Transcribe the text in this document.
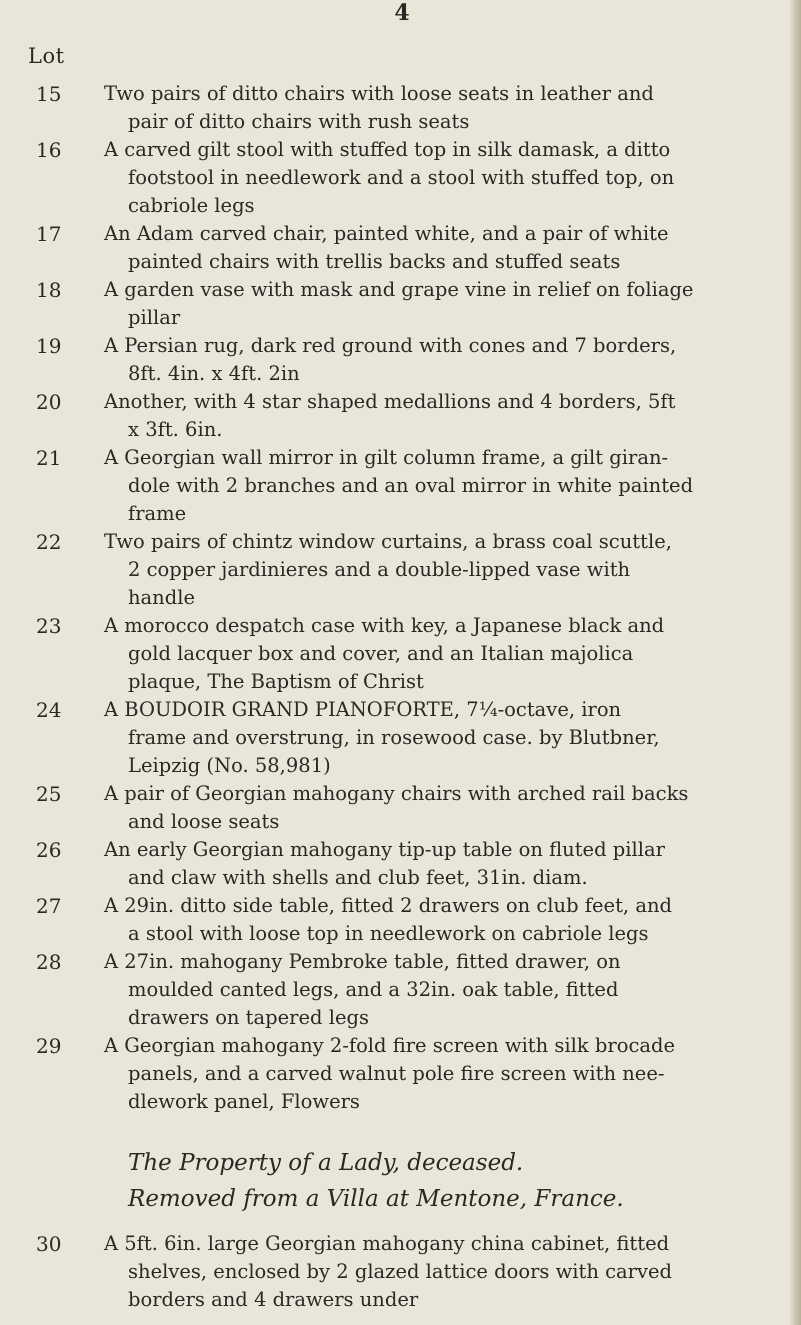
4
Lot
15	Two pairs of ditto chairs with loose seats in leather and
pair of ditto chairs with rush seats
16	A carved gilt stool with stuffed top in silk damask, a ditto
footstool in needlework and a stool with stuffed top, on
cabriole legs
17	An Adam carved chair, painted white, and a pair of white
painted chairs with trellis backs and stuffed seats
18	A garden vase with mask and grape vine in relief on foliage
pillar
19	A Persian rug, dark red ground with cones and 7 borders,
8ft. 4in. x 4ft. 2in
20	Another, with 4 star shaped medallions and 4 borders, 5ft
x 3ft. 6in.
21	A Georgian wall mirror in gilt column frame, a gilt giran-
dole with 2 branches and an oval mirror in white painted
frame
22	Two pairs of chintz window curtains, a brass coal scuttle,
2 copper jardinieres and a double-lipped vase with
handle
23	A morocco despatch case with key, a Japanese black and
gold lacquer box and cover, and an Italian majolica
plaque, The Baptism of Christ
24	A BOUDOIR GRAND PIANOFORTE, 7¼-octave, iron
frame and overstrung, in rosewood case. by Blutbner,
Leipzig (No. 58,981)
25	A pair of Georgian mahogany chairs with arched rail backs
and loose seats
26	An early Georgian mahogany tip-up table on fluted pillar
and claw with shells and club feet, 31in. diam.
27	A 29in. ditto side table, fitted 2 drawers on club feet, and
a stool with loose top in needlework on cabriole legs
28	A 27in. mahogany Pembroke table, fitted drawer, on
moulded canted legs, and a 32in. oak table, fitted
drawers on tapered legs
29	A Georgian mahogany 2-fold fire screen with silk brocade
panels, and a carved walnut pole fire screen with nee-
dlework panel, Flowers
The Property of a Lady, deceased.
Removed from a Villa at Mentone, France.
30	A 5ft. 6in. large Georgian mahogany china cabinet, fitted
shelves, enclosed by 2 glazed lattice doors with carved
borders and 4 drawers under
